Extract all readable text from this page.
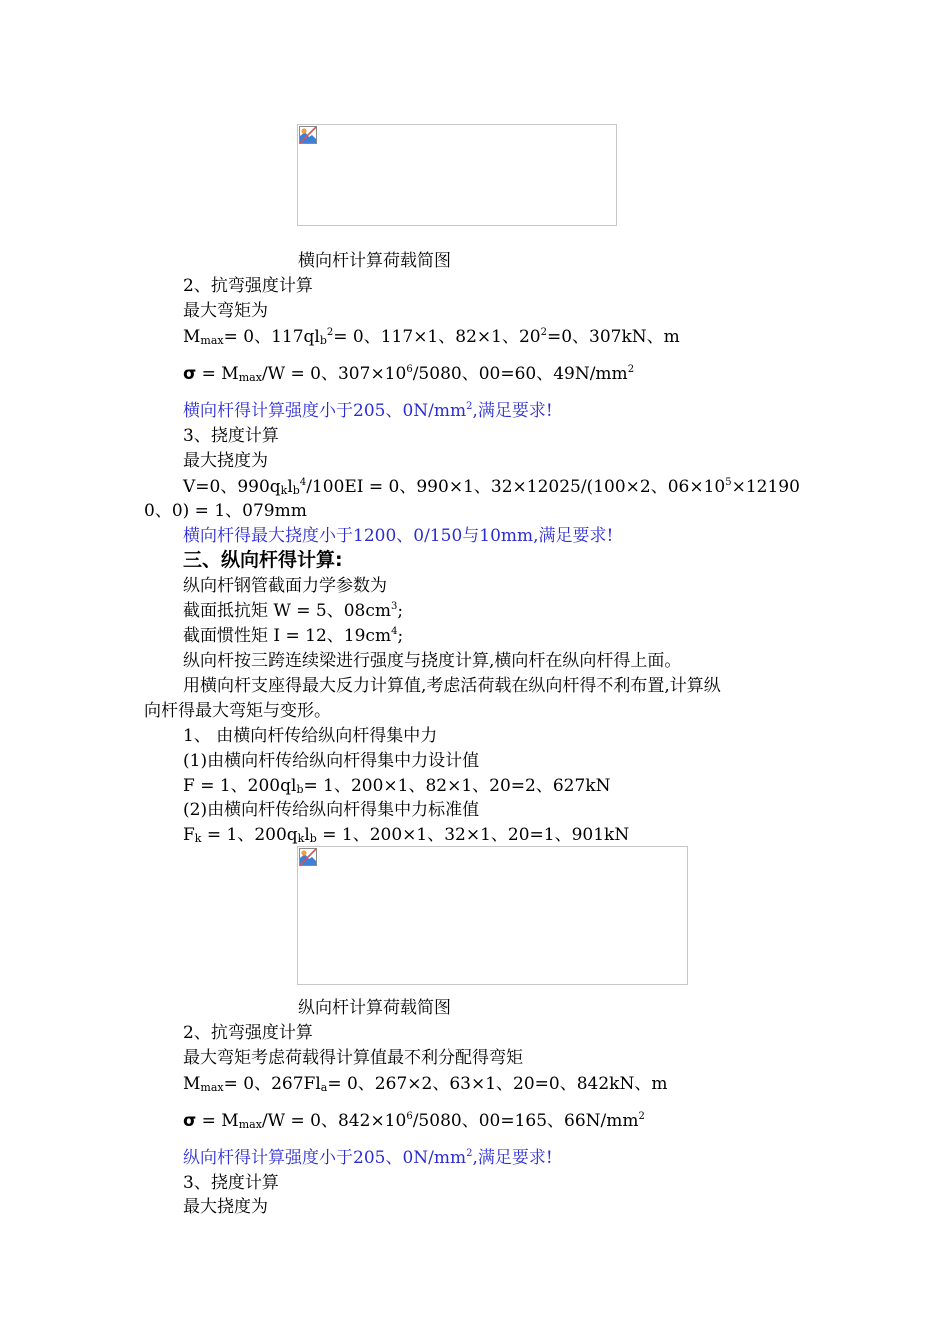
横向杆计算荷载简图
2、抗弯强度计算
最大弯矩为
Mmax= 0、117qlb$^2$= 0、117×1、82×1、$20^2=0$、307kN、m
σ = Mmax/W = 0、$307\times 10^6/5080$、00=60、$49N/mm^2$
横向杆得计算强度小于205、$0N/mm^2$,满足要求!
3、挠度计算
最大挠度为
V=0、990qklb$^4$/100EI = 0、990×1、32×12025/(100×2、$06\times 10^5\times 12190$
0、0) = 1、079mm
横向杆得最大挠度小于1200、0/150与10mm,满足要求!
三、纵向杆得计算:
纵向杆钢管截面力学参数为
截面抵抗矩 W = 5、$08cm^3$;
截面惯性矩 I = 12、$19cm^4$;
纵向杆按三跨连续梁进行强度与挠度计算,横向杆在纵向杆得上面。
用横向杆支座得最大反力计算值,考虑活荷载在纵向杆得不利布置,计算纵
向杆得最大弯矩与变形。
1、 由横向杆传给纵向杆得集中力
(1)由横向杆传给纵向杆得集中力设计值
F = 1、200qlb= 1、200×1、82×1、20=2、627kN
(2)由横向杆传给纵向杆得集中力标准值
Fk = 1、200qklb = 1、200×1、32×1、20=1、901kN
纵向杆计算荷载简图
2、抗弯强度计算
最大弯矩考虑荷载得计算值最不利分配得弯矩
Mmax= 0、267Fla= 0、267×2、63×1、20=0、842kN、m
σ = Mmax/W = 0、$842\times 10^6/5080$、00=165、$66N/mm^2$
纵向杆得计算强度小于205、$0N/mm^2$,满足要求!
3、挠度计算
最大挠度为
